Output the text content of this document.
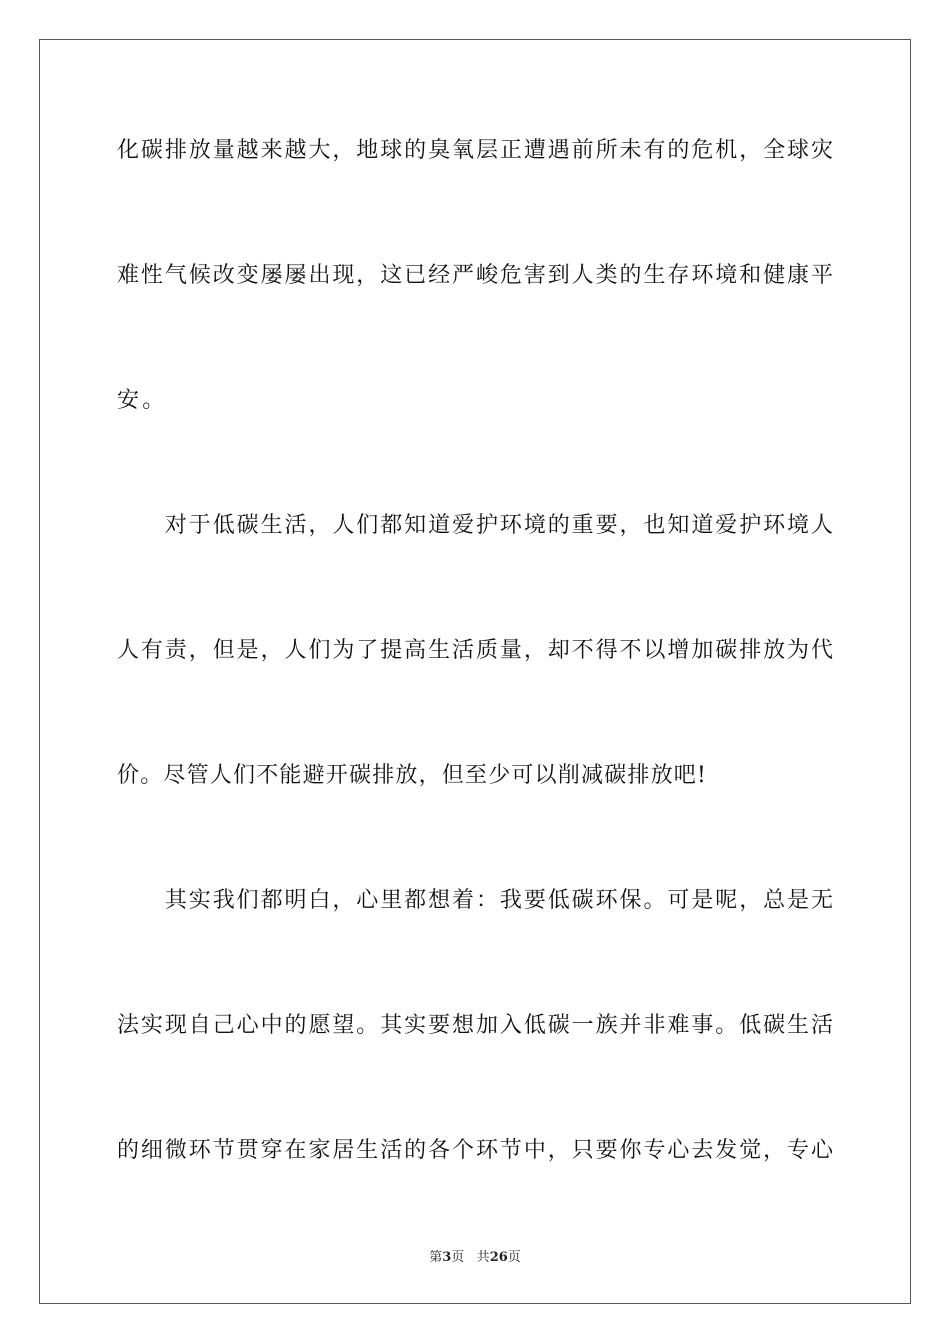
化碳排放量越来越大，地球的臭氧层正遭遇前所未有的危机，全球灾
难性气候改变屡屡出现，这已经严峻危害到人类的生存环境和健康平
安。
　　对于低碳生活，人们都知道爱护环境的重要，也知道爱护环境人
人有责，但是，人们为了提高生活质量，却不得不以增加碳排放为代
价。尽管人们不能避开碳排放，但至少可以削减碳排放吧!
　　其实我们都明白，心里都想着：我要低碳环保。可是呢，总是无
法实现自己心中的愿望。其实要想加入低碳一族并非难事。低碳生活
的细微环节贯穿在家居生活的各个环节中，只要你专心去发觉，专心
第3页 共26页
